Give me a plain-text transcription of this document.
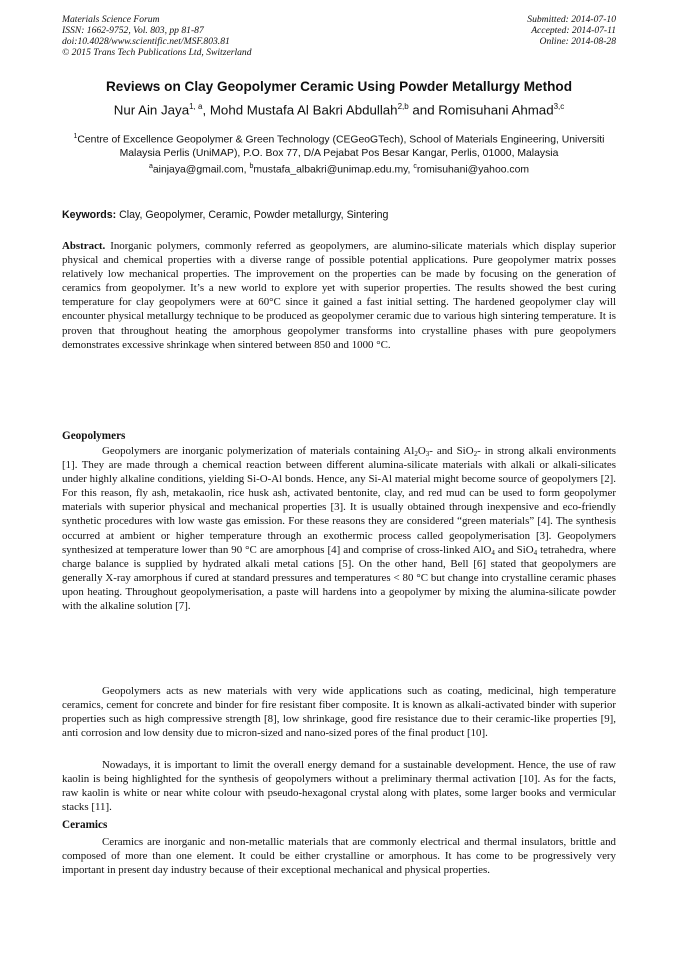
Materials Science Forum
ISSN: 1662-9752, Vol. 803, pp 81-87
doi:10.4028/www.scientific.net/MSF.803.81
© 2015 Trans Tech Publications Ltd, Switzerland
Submitted: 2014-07-10
Accepted: 2014-07-11
Online: 2014-08-28
Reviews on Clay Geopolymer Ceramic Using Powder Metallurgy Method
Nur Ain Jaya$^{1, a}$, Mohd Mustafa Al Bakri Abdullah$^{2,b}$ and Romisuhani Ahmad$^{3,c}$
$^1$Centre of Excellence Geopolymer & Green Technology (CEGeoGTech), School of Materials Engineering, Universiti Malaysia Perlis (UniMAP), P.O. Box 77, D/A Pejabat Pos Besar Kangar, Perlis, 01000, Malaysia
$^a$ainjaya@gmail.com, $^b$mustafa_albakri@unimap.edu.my, $^c$romisuhani@yahoo.com
Keywords: Clay, Geopolymer, Ceramic, Powder metallurgy, Sintering

Abstract. Inorganic polymers, commonly referred as geopolymers, are alumino-silicate materials which display superior physical and chemical properties with a diverse range of possible potential applications. Pure geopolymer matrix posses relatively low mechanical properties. The improvement on the properties can be made by focusing on the generation of ceramics from geopolymer. It’s a new world to explore yet with superior properties. The results showed the best curing temperature for clay geopolymers were at 60°C since it gained a fast initial setting. The hardened geopolymer clay will encounter physical metallurgy technique to be produced as geopolymer ceramic due to various high sintering temperature. It is proven that throughout heating the amorphous geopolymer transforms into crystalline phases with pure geopolymers demonstrates excessive shrinkage when sintered between 850 and 1000 °C.

Geopolymers

Geopolymers are inorganic polymerization of materials containing $Al_2O_3-$ and SiO$_2$- in strong alkali environments [1]. They are made through a chemical reaction between different alumina-silicate materials with alkali or alkali-silicates under highly alkaline conditions, yielding Si-O-Al bonds. Hence, any Si-Al material might become source of geopolymers [2]. For this reason, fly ash, metakaolin, rice husk ash, activated bentonite, clay, and red mud can be used to form geopolymer materials with superior physical and mechanical properties [3]. It is usually obtained through inexpensive and eco-friendly synthetic procedures with low waste gas emission. For these reasons they are considered “green materials” [4]. The synthesis occurred at ambient or higher temperature through an exothermic process called geopolymerisation [3]. Geopolymers synthesized at temperature lower than 90 °C are amorphous [4] and comprise of cross-linked AlO$_4$ and SiO$_4$ tetrahedra, where charge balance is supplied by hydrated alkali metal cations [5]. On the other hand, Bell [6] stated that geopolymers are generally X-ray amorphous if cured at standard pressures and temperatures < 80 °C but change into crystalline ceramic phases upon heating. Throughout geopolymerisation, a paste will hardens into a geopolymer by mixing the alumina-silicate powder with the alkaline solution [7].

Geopolymers acts as new materials with very wide applications such as coating, medicinal, high temperature ceramics, cement for concrete and binder for fire resistant fiber composite. It is known as alkali-activated binder with superior properties such as high compressive strength [8], low shrinkage, good fire resistance due to their ceramic-like properties [9], anti corrosion and low density due to micron-sized and nano-sized pores of the final product [10].

Nowadays, it is important to limit the overall energy demand for a sustainable development. Hence, the use of raw kaolin is being highlighted for the synthesis of geopolymers without a preliminary thermal activation [10]. As for the facts, raw kaolin is white or near white colour with pseudo-hexagonal crystal along with plates, some larger books and vermicular stacks [11].

Ceramics

Ceramics are inorganic and non-metallic materials that are commonly electrical and thermal insulators, brittle and composed of more than one element. It could be either crystalline or amorphous. It has come to be progressively very important in present day industry because of their exceptional mechanical and physical properties.
